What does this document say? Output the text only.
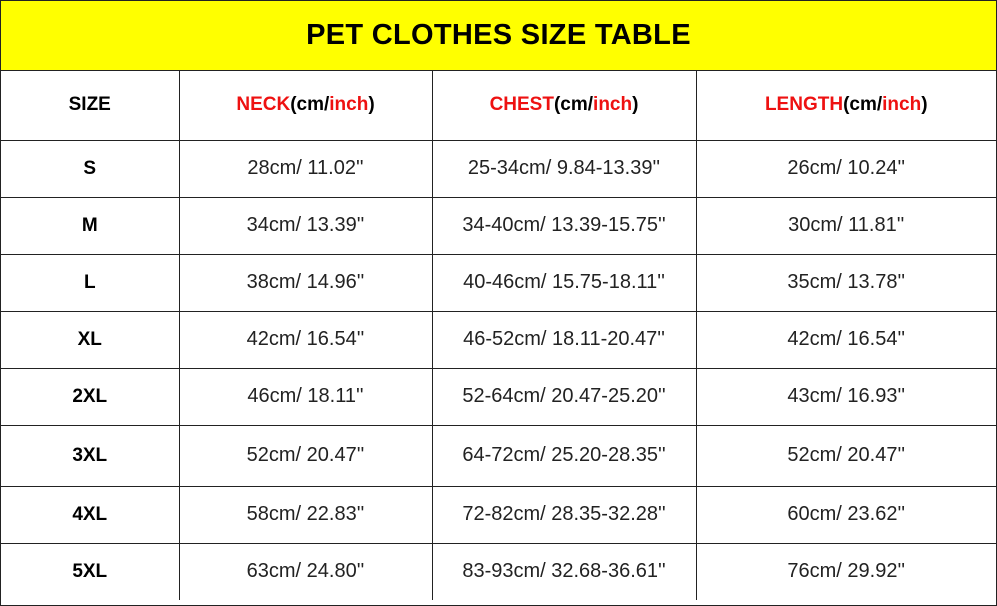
PET CLOTHES SIZE TABLE
SIZE	NECK(cm/inch)	CHEST(cm/inch)	LENGTH(cm/inch)
S	28cm/ 11.02''	25-34cm/ 9.84-13.39''	26cm/ 10.24''
M	34cm/ 13.39''	34-40cm/ 13.39-15.75''	30cm/ 11.81''
L	38cm/ 14.96''	40-46cm/ 15.75-18.11''	35cm/ 13.78''
XL	42cm/ 16.54''	46-52cm/ 18.11-20.47''	42cm/ 16.54''
2XL	46cm/ 18.11''	52-64cm/ 20.47-25.20''	43cm/ 16.93''
3XL	52cm/ 20.47''	64-72cm/ 25.20-28.35''	52cm/ 20.47''
4XL	58cm/ 22.83''	72-82cm/ 28.35-32.28''	60cm/ 23.62''
5XL	63cm/ 24.80''	83-93cm/ 32.68-36.61''	76cm/ 29.92''
